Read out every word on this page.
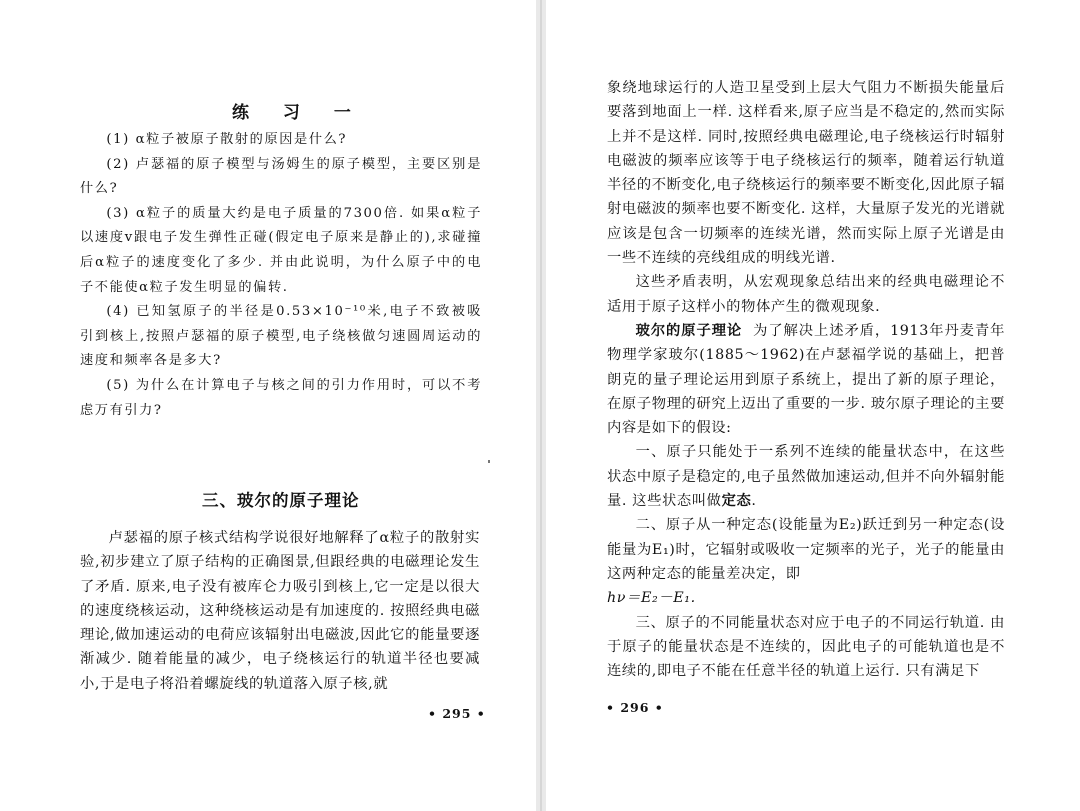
练 习 一

(1) α粒子被原子散射的原因是什么?

(2) 卢瑟福的原子模型与汤姆生的原子模型，主要区别是什么?

(3) α粒子的质量大约是电子质量的7300倍. 如果α粒子以速度v跟电子发生弹性正碰(假定电子原来是静止的),求碰撞后α粒子的速度变化了多少. 并由此说明，为什么原子中的电子不能使α粒子发生明显的偏转.

(4) 已知氢原子的半径是0.53×10⁻¹⁰米,电子不致被吸引到核上,按照卢瑟福的原子模型,电子绕核做匀速圆周运动的速度和频率各是多大?

(5) 为什么在计算电子与核之间的引力作用时，可以不考虑万有引力?

三、玻尔的原子理论

卢瑟福的原子核式结构学说很好地解释了α粒子的散射实验,初步建立了原子结构的正确图景,但跟经典的电磁理论发生了矛盾. 原来,电子没有被库仑力吸引到核上,它一定是以很大的速度绕核运动，这种绕核运动是有加速度的. 按照经典电磁理论,做加速运动的电荷应该辐射出电磁波,因此它的能量要逐渐减少. 随着能量的减少，电子绕核运行的轨道半径也要减小,于是电子将沿着螺旋线的轨道落入原子核,就

• 295 •

象绕地球运行的人造卫星受到上层大气阻力不断损失能量后要落到地面上一样. 这样看来,原子应当是不稳定的,然而实际上并不是这样. 同时,按照经典电磁理论,电子绕核运行时辐射电磁波的频率应该等于电子绕核运行的频率，随着运行轨道半径的不断变化,电子绕核运行的频率要不断变化,因此原子辐射电磁波的频率也要不断变化. 这样，大量原子发光的光谱就应该是包含一切频率的连续光谱，然而实际上原子光谱是由一些不连续的亮线组成的明线光谱.

这些矛盾表明，从宏观现象总结出来的经典电磁理论不适用于原子这样小的物体产生的微观现象.

玻尔的原子理论 为了解决上述矛盾，1913年丹麦青年物理学家玻尔(1885～1962)在卢瑟福学说的基础上，把普朗克的量子理论运用到原子系统上，提出了新的原子理论，在原子物理的研究上迈出了重要的一步. 玻尔原子理论的主要内容是如下的假设:

一、原子只能处于一系列不连续的能量状态中，在这些状态中原子是稳定的,电子虽然做加速运动,但并不向外辐射能量. 这些状态叫做定态.

二、原子从一种定态(设能量为E₂)跃迁到另一种定态(设能量为E₁)时，它辐射或吸收一定频率的光子，光子的能量由这两种定态的能量差决定，即

hν＝E₂－E₁.

三、原子的不同能量状态对应于电子的不同运行轨道. 由于原子的能量状态是不连续的，因此电子的可能轨道也是不连续的,即电子不能在任意半径的轨道上运行. 只有满足下

• 296 •
